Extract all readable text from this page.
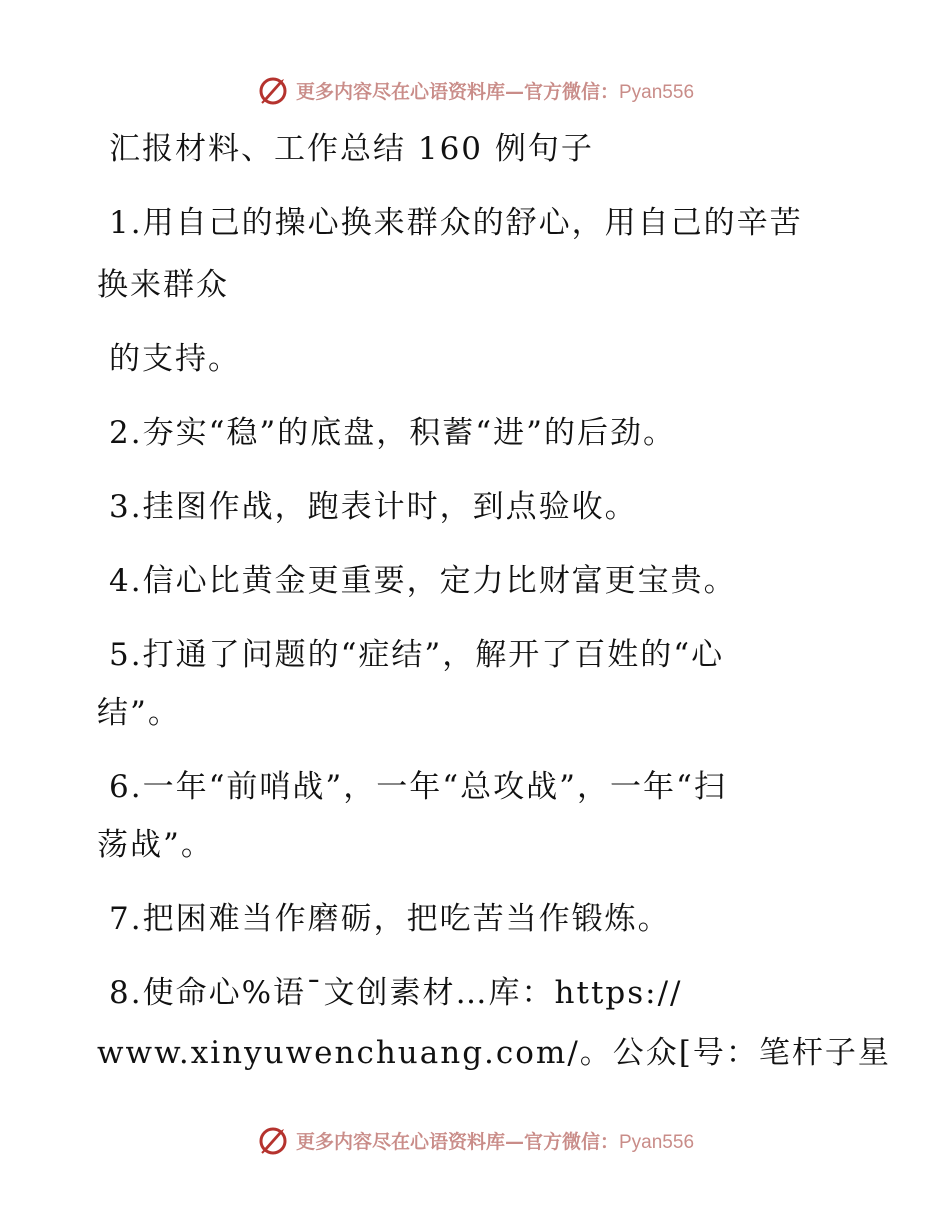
更多内容尽在心语资料库—官方微信：Pyan556
汇报材料、工作总结 160 例句子
1.用自己的操心换来群众的舒心，用自己的辛苦
换来群众
的支持。
2.夯实“稳”的底盘，积蓄“进”的后劲。
3.挂图作战，跑表计时，到点验收。
4.信心比黄金更重要，定力比财富更宝贵。
5.打通了问题的“症结”，解开了百姓的“心
结”。
6.一年“前哨战”，一年“总攻战”，一年“扫
荡战”。
7.把困难当作磨砺，把吃苦当作锻炼。
8.使命心%语¯文创素材…库：https://
www.xinyuwenchuang.com/。公众[号：笔杆子星
更多内容尽在心语资料库—官方微信：Pyan556
